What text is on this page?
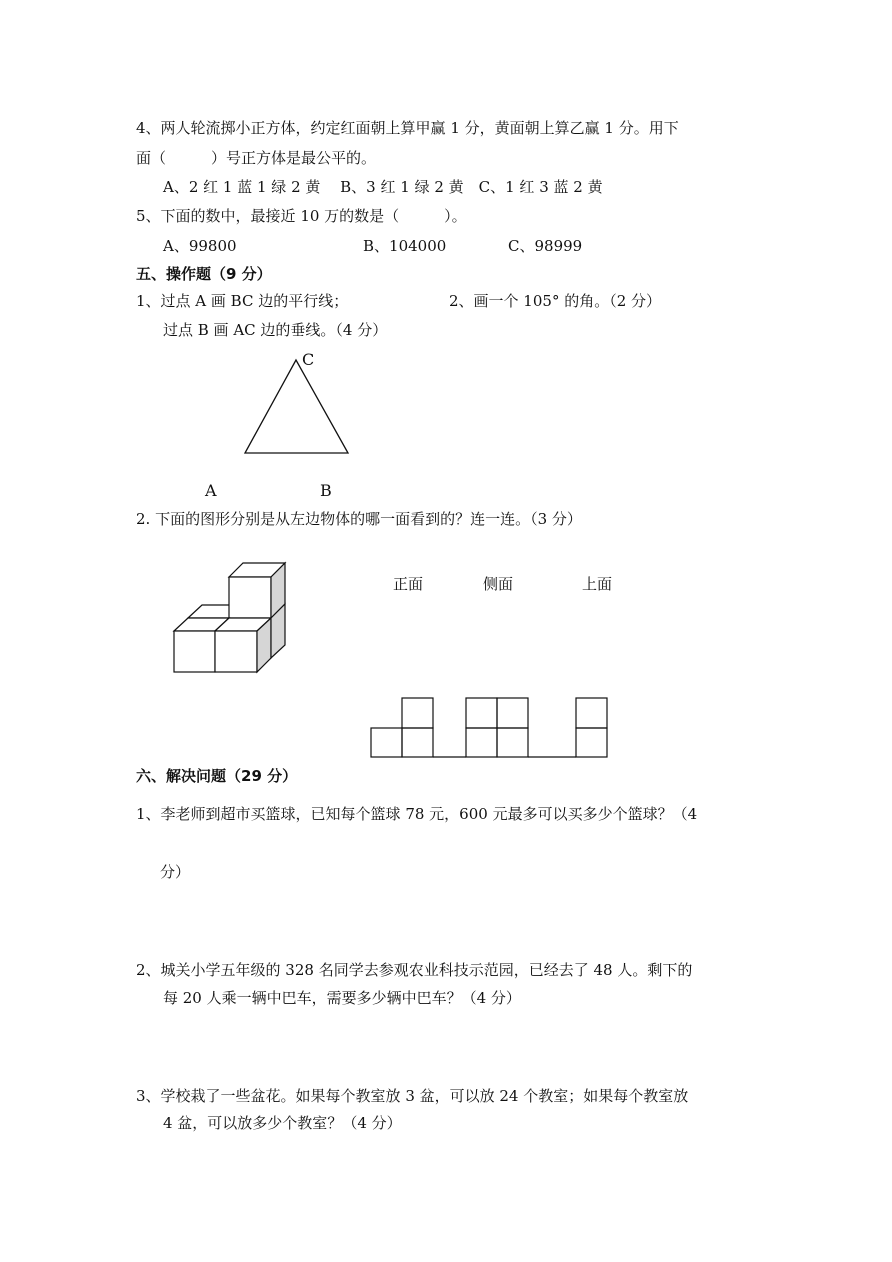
4、两人轮流掷小正方体，约定红面朝上算甲赢 1 分，黄面朝上算乙赢 1 分。用下
面（　　　）号正方体是最公平的。
A、2 红 1 蓝 1 绿 2 黄　 B、3 红 1 绿 2 黄　C、1 红 3 蓝 2 黄
5、下面的数中，最接近 10 万的数是（　　　）。
A、99800	B、104000	C、98999
五、操作题（9 分）
1、过点 A 画 BC 边的平行线；	2、画一个 105° 的角。（2 分）
过点 B 画 AC 边的垂线。（4 分）
C
A	B
2. 下面的图形分别是从左边物体的哪一面看到的？连一连。（3 分）
正面	侧面	上面
六、解决问题（29 分）
1、李老师到超市买篮球，已知每个篮球 78 元，600 元最多可以买多少个篮球？（4
分）
2、城关小学五年级的 328 名同学去参观农业科技示范园，已经去了 48 人。剩下的
每 20 人乘一辆中巴车，需要多少辆中巴车？（4 分）
3、学校栽了一些盆花。如果每个教室放 3 盆，可以放 24 个教室；如果每个教室放
4 盆，可以放多少个教室？（4 分）
